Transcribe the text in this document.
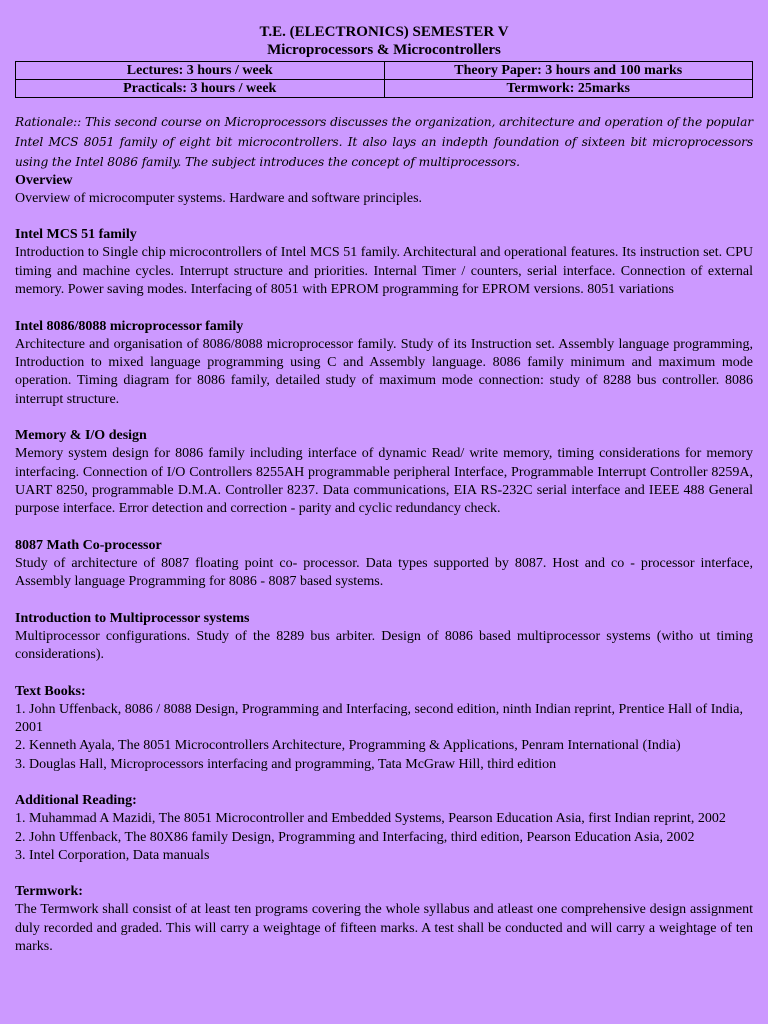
T.E. (ELECTRONICS) SEMESTER V
Microprocessors & Microcontrollers
Lectures: 3 hours / week	Theory Paper: 3 hours and 100 marks
Practicals: 3 hours / week	Termwork: 25marks
Rationale:: This second course on Microprocessors discusses the organization, architecture and operation of the popular Intel MCS 8051 family of eight bit microcontrollers. It also lays an indepth foundation of sixteen bit microprocessors using the Intel 8086 family. The subject introduces the concept of multiprocessors.
Overview
Overview of microcomputer systems. Hardware and software principles.
Intel MCS 51 family
Introduction to Single chip microcontrollers of Intel MCS 51 family. Architectural and operational features. Its instruction set. CPU timing and machine cycles. Interrupt structure and priorities. Internal Timer / counters, serial interface. Connection of external memory. Power saving modes. Interfacing of 8051 with EPROM programming for EPROM versions. 8051 variations
Intel 8086/8088 microprocessor family
Architecture and organisation of 8086/8088 microprocessor family. Study of its Instruction set. Assembly language programming, Introduction to mixed language programming using C and Assembly language. 8086 family minimum and maximum mode operation. Timing diagram for 8086 family, detailed study of maximum mode connection: study of 8288 bus controller. 8086 interrupt structure.
Memory & I/O design
Memory system design for 8086 family including interface of dynamic Read/ write memory, timing considerations for memory interfacing. Connection of I/O Controllers 8255AH programmable peripheral Interface, Programmable Interrupt Controller 8259A, UART 8250, programmable D.M.A. Controller 8237. Data communications, EIA RS-232C serial interface and IEEE 488 General purpose interface. Error detection and correction - parity and cyclic redundancy check.
8087 Math Co-processor
Study of architecture of 8087 floating point co- processor. Data types supported by 8087. Host and co - processor interface, Assembly language Programming for 8086 - 8087 based systems.
Introduction to Multiprocessor systems
Multiprocessor configurations. Study of the 8289 bus arbiter. Design of 8086 based multiprocessor systems (witho ut timing considerations).
Text Books:
1. John Uffenback, 8086 / 8088 Design, Programming and Interfacing, second edition, ninth Indian reprint, Prentice Hall of India, 2001
2. Kenneth Ayala, The 8051 Microcontrollers Architecture, Programming & Applications, Penram International (India)
3. Douglas Hall, Microprocessors interfacing and programming, Tata McGraw Hill, third edition
Additional Reading:
1. Muhammad A Mazidi, The 8051 Microcontroller and Embedded Systems, Pearson Education Asia, first Indian reprint, 2002
2. John Uffenback, The 80X86 family Design, Programming and Interfacing, third edition, Pearson Education Asia, 2002
3. Intel Corporation, Data manuals
Termwork:
The Termwork shall consist of at least ten programs covering the whole syllabus and atleast one comprehensive design assignment duly recorded and graded. This will carry a weightage of fifteen marks. A test shall be conducted and will carry a weightage of ten marks.
